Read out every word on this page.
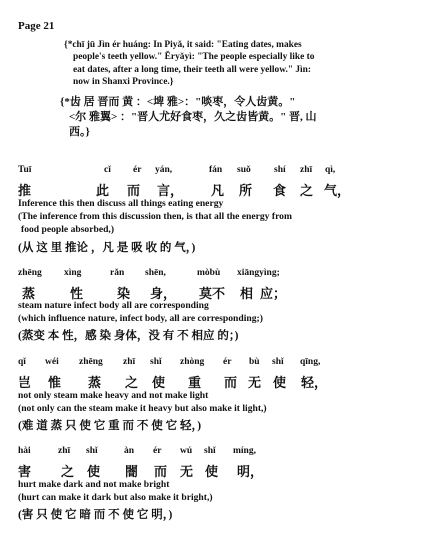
Page 21
{*chī jū Jìn ér huáng: In Piyǎ, it said: "Eating dates, makes
people's teeth yellow." Ěryǎyì: "The people especially like to
eat dates, after a long time, their teeth all were yellow." Jìn:
now in Shanxi Province.}
{*齿 居 晋而 黄 ：<埤 雅>："啖枣，令人齿黄。"
<尔 雅翼> ："晋人尤好食枣，久之齿皆黄。" 晋, 山
西。}
Tuī	cǐ ér yán,	fán suǒ shí zhī qì,
推	此 而 言， 凡 所 食 之 气，
Inference this then discuss all things eating energy
(The inference from this discussion then, is that all the energy from
food people absorbed,)
(从 这 里 推论 ，凡 是 吸 收 的 气，)
zhēng xìng	rǎn shēn,	mòbù xiāngyìng;
蒸	性	染 身， 莫不 相 应；
steam nature infect body all are corresponding
(which influence nature, infect body, all are corresponding;)
(蒸变 本 性，感 染 身体，没 有 不 相应 的；)
qǐ wéi zhēng zhī shǐ zhòng ér bù shǐ qīng,
岂 惟 蒸 之 使 重 而 无 使 轻，
not only steam make heavy and not make light
(not only can the steam make it heavy but also make it light,)
(难 道 蒸 只 使 它 重 而 不 使 它 轻，)
hài	zhī shǐ	àn ér wú shǐ míng,
害 之 使 闇 而 无 使 明，
hurt make dark and not make bright
(hurt can make it dark but also make it bright,)
(害 只 使 它 暗 而 不 使 它 明，)
